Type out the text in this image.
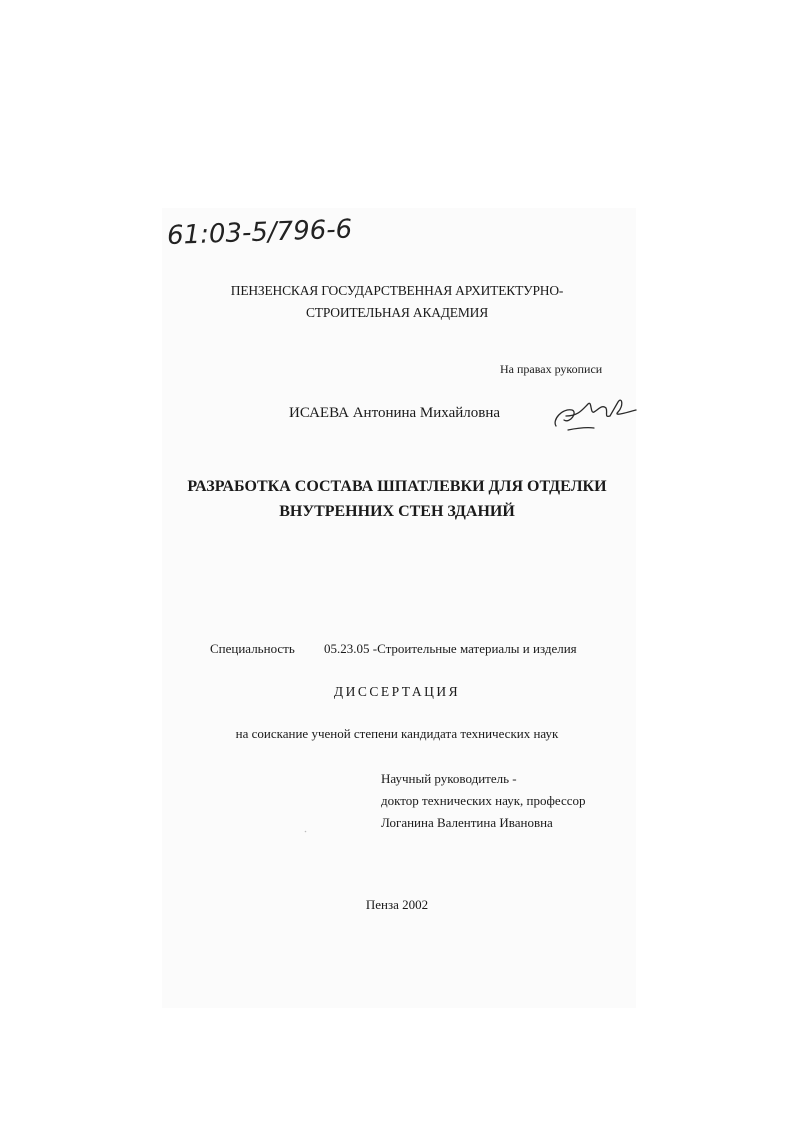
61:03-5/796-6
ПЕНЗЕНСКАЯ ГОСУДАРСТВЕННАЯ АРХИТЕКТУРНО-
СТРОИТЕЛЬНАЯ АКАДЕМИЯ
На правах рукописи
ИСАЕВА Антонина Михайловна
РАЗРАБОТКА СОСТАВА ШПАТЛЕВКИ ДЛЯ ОТДЕЛКИ
ВНУТРЕННИХ СТЕН ЗДАНИЙ
Специальность 05.23.05 -Строительные материалы и изделия
ДИССЕРТАЦИЯ
на соискание ученой степени кандидата технических наук
Научный руководитель -
доктор технических наук, профессор
Логанина Валентина Ивановна
Пенза 2002
